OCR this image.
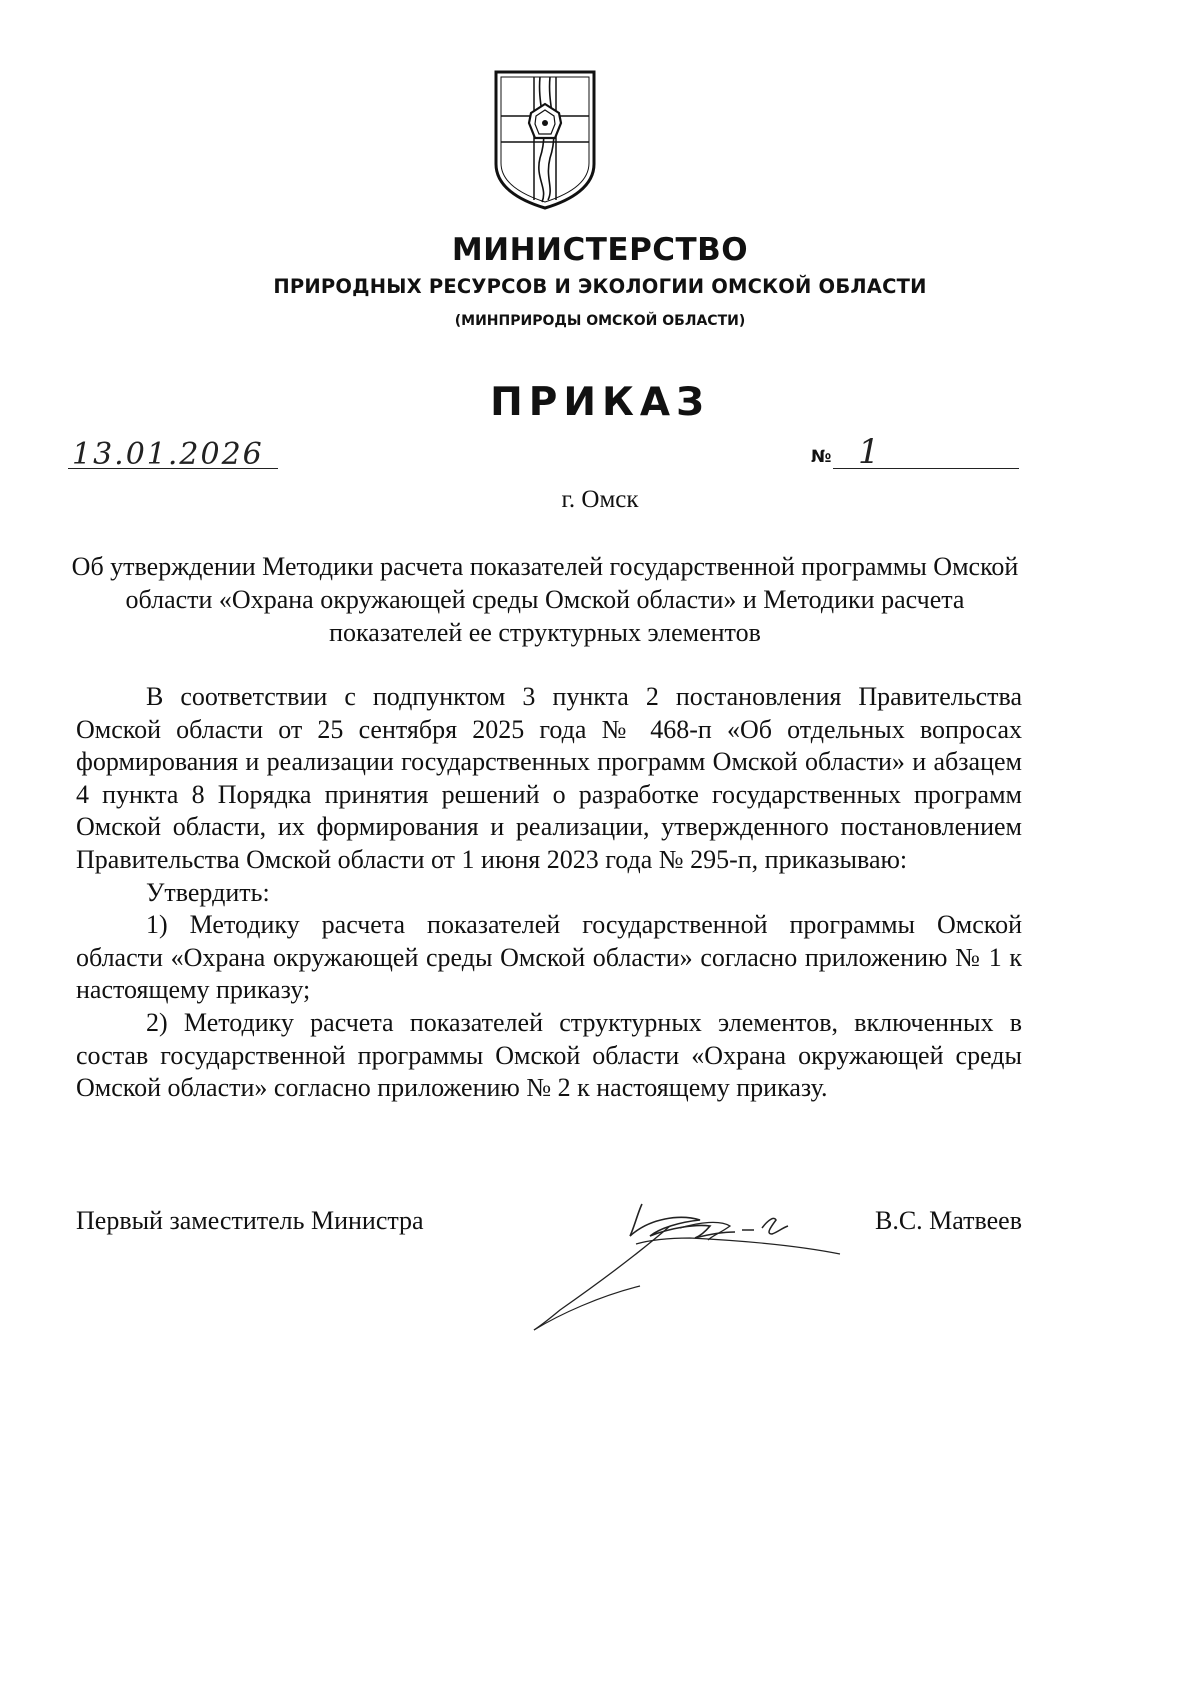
МИНИСТЕРСТВО
ПРИРОДНЫХ РЕСУРСОВ И ЭКОЛОГИИ ОМСКОЙ ОБЛАСТИ
(МИНПРИРОДЫ ОМСКОЙ ОБЛАСТИ)
ПРИКАЗ
13.01.2026	№ 1
г. Омск
Об утверждении Методики расчета показателей государственной программы Омской области «Охрана окружающей среды Омской области» и Методики расчета показателей ее структурных элементов

В соответствии с подпунктом 3 пункта 2 постановления Правительства Омской области от 25 сентября 2025 года № 468-п «Об отдельных вопросах формирования и реализации государственных программ Омской области» и абзацем 4 пункта 8 Порядка принятия решений о разработке государственных программ Омской области, их формирования и реализации, утвержденного постановлением Правительства Омской области от 1 июня 2023 года № 295-п, приказываю:

Утвердить:

1) Методику расчета показателей государственной программы Омской области «Охрана окружающей среды Омской области» согласно приложению № 1 к настоящему приказу;

2) Методику расчета показателей структурных элементов, включенных в состав государственной программы Омской области «Охрана окружающей среды Омской области» согласно приложению № 2 к настоящему приказу.

Первый заместитель Министра	В.С. Матвеев
